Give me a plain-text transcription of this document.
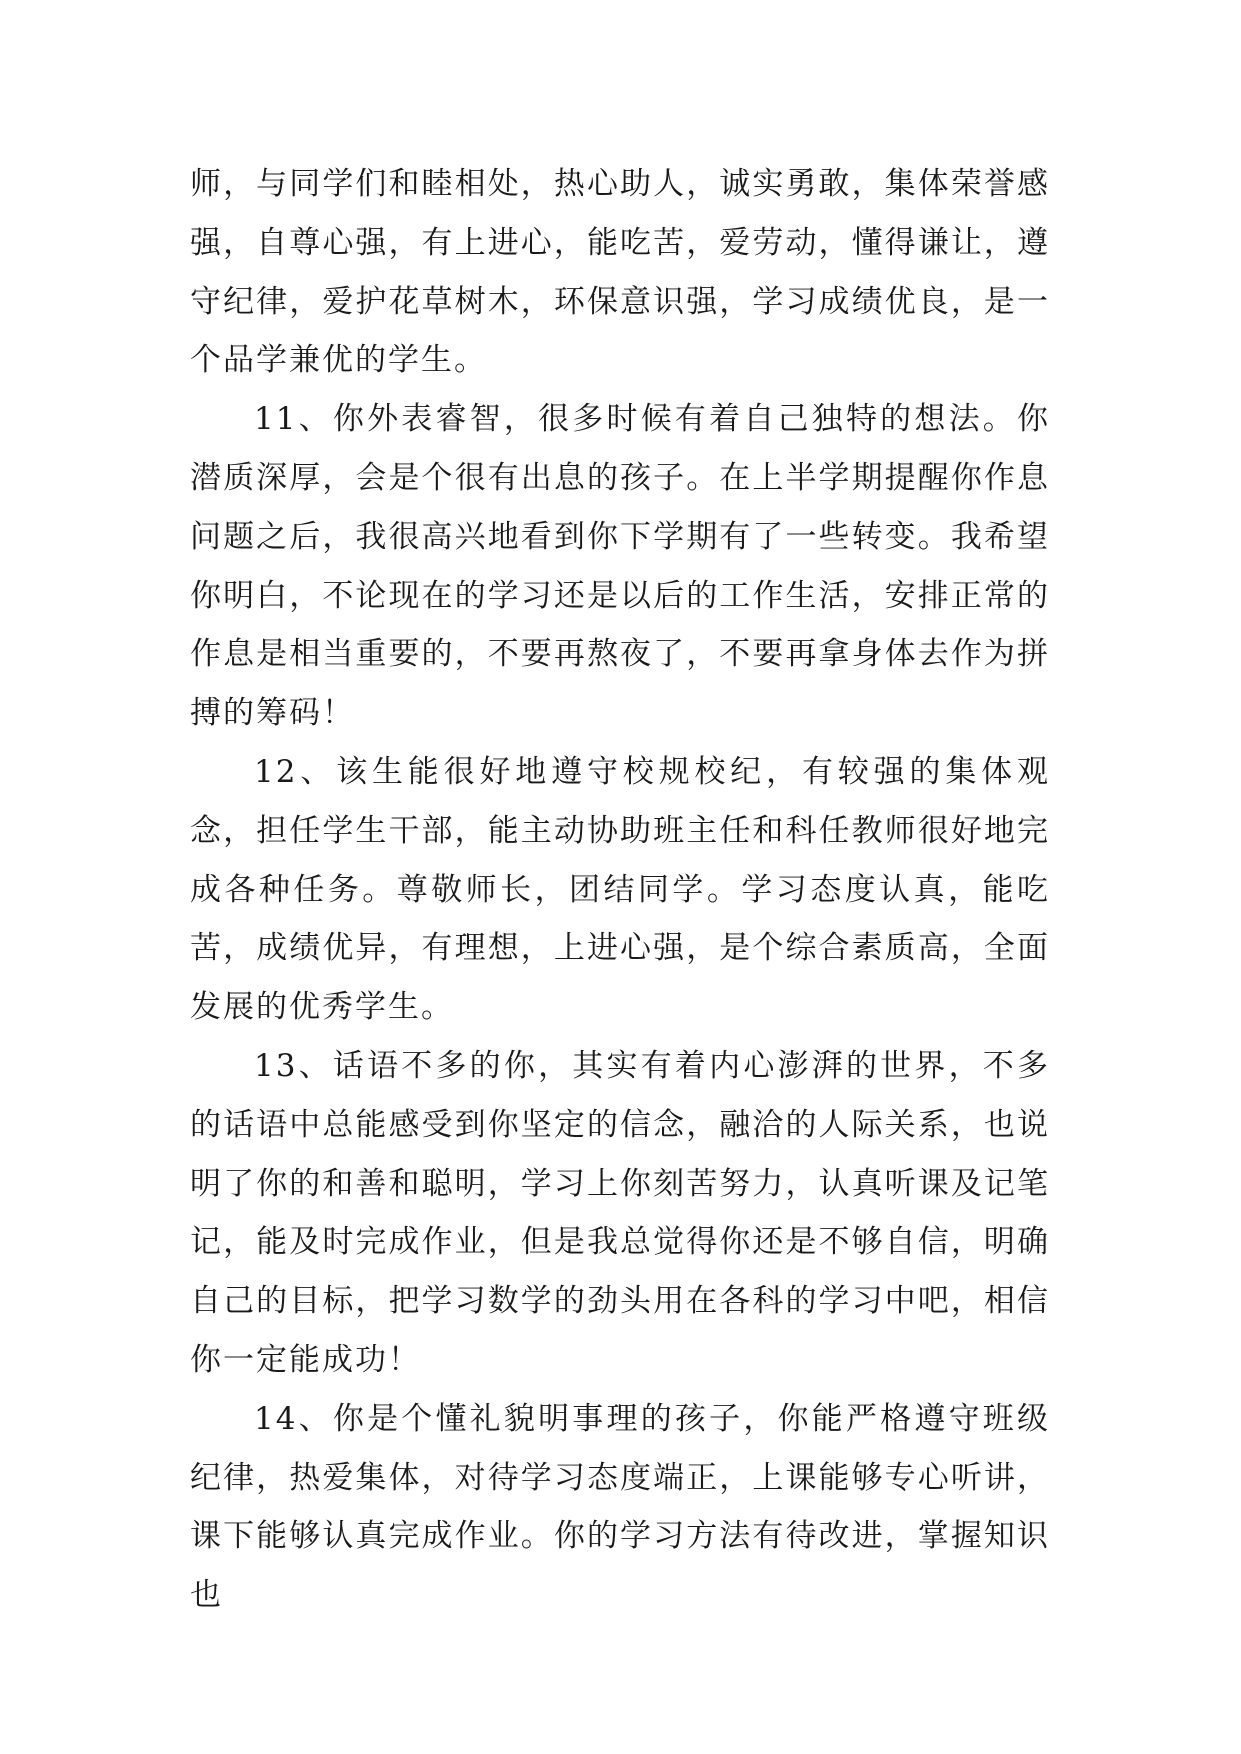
师，与同学们和睦相处，热心助人，诚实勇敢，集体荣誉感强，自尊心强，有上进心，能吃苦，爱劳动，懂得谦让，遵守纪律，爱护花草树木，环保意识强，学习成绩优良，是一个品学兼优的学生。

11、你外表睿智，很多时候有着自己独特的想法。你潜质深厚，会是个很有出息的孩子。在上半学期提醒你作息问题之后，我很高兴地看到你下学期有了一些转变。我希望你明白，不论现在的学习还是以后的工作生活，安排正常的作息是相当重要的，不要再熬夜了，不要再拿身体去作为拼搏的筹码！

12、该生能很好地遵守校规校纪，有较强的集体观念，担任学生干部，能主动协助班主任和科任教师很好地完成各种任务。尊敬师长，团结同学。学习态度认真，能吃苦，成绩优异，有理想，上进心强，是个综合素质高，全面发展的优秀学生。

13、话语不多的你，其实有着内心澎湃的世界，不多的话语中总能感受到你坚定的信念，融洽的人际关系，也说明了你的和善和聪明，学习上你刻苦努力，认真听课及记笔记，能及时完成作业，但是我总觉得你还是不够自信，明确自己的目标，把学习数学的劲头用在各科的学习中吧，相信你一定能成功！

14、你是个懂礼貌明事理的孩子，你能严格遵守班级纪律，热爱集体，对待学习态度端正，上课能够专心听讲，课下能够认真完成作业。你的学习方法有待改进，掌握知识也
